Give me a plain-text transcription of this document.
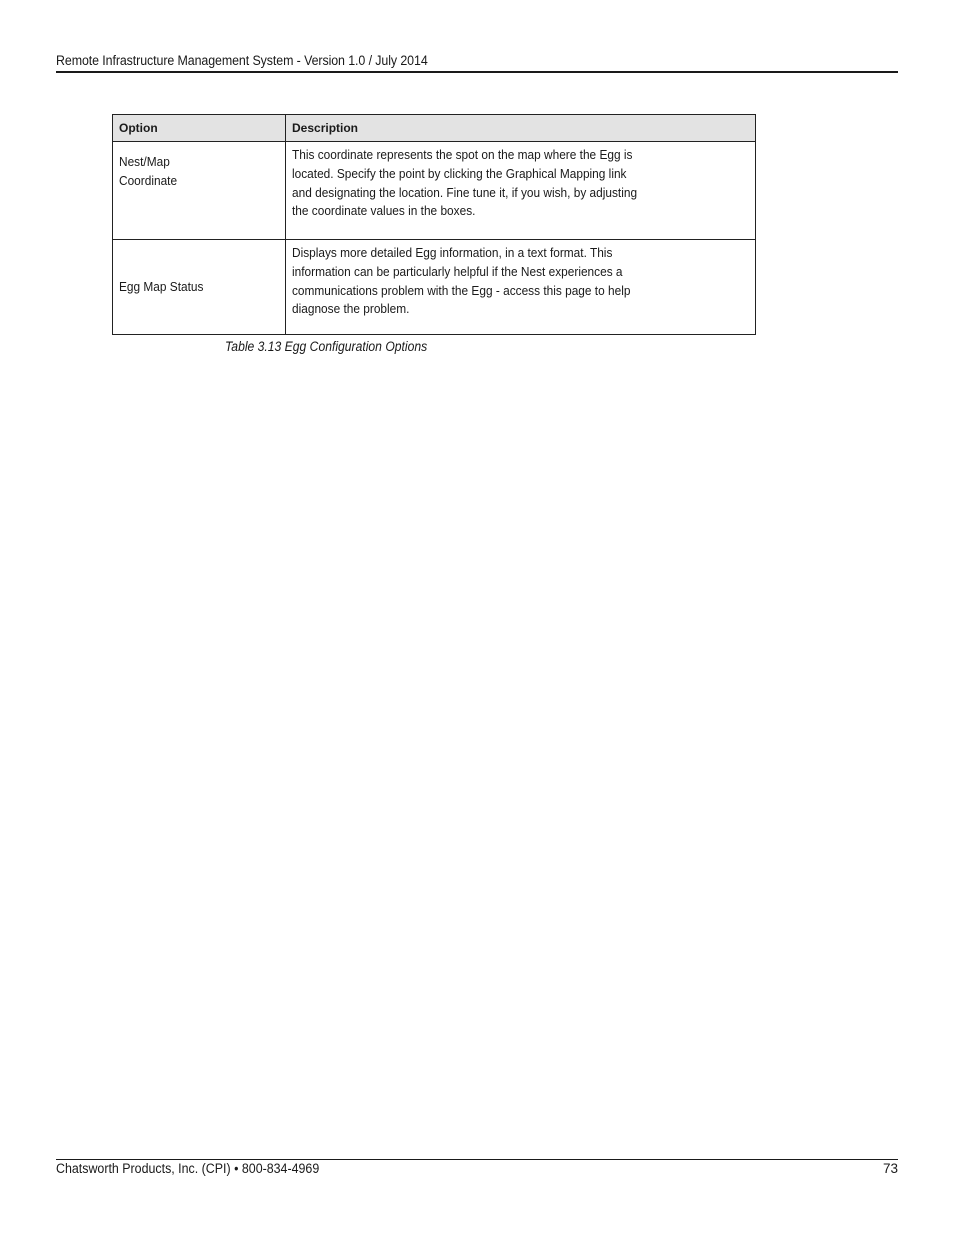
Remote Infrastructure Management System - Version 1.0 / July 2014
Option	Description
Nest/Map
Coordinate	This coordinate represents the spot on the map where the Egg is
located. Specify the point by clicking the Graphical Mapping link
and designating the location. Fine tune it, if you wish, by adjusting
the coordinate values in the boxes.
Egg Map Status	Displays more detailed Egg information, in a text format. This
information can be particularly helpful if the Nest experiences a
communications problem with the Egg - access this page to help
diagnose the problem.
Table 3.13 Egg Configuration Options
Chatsworth Products, Inc. (CPI) • 800-834-4969	73
